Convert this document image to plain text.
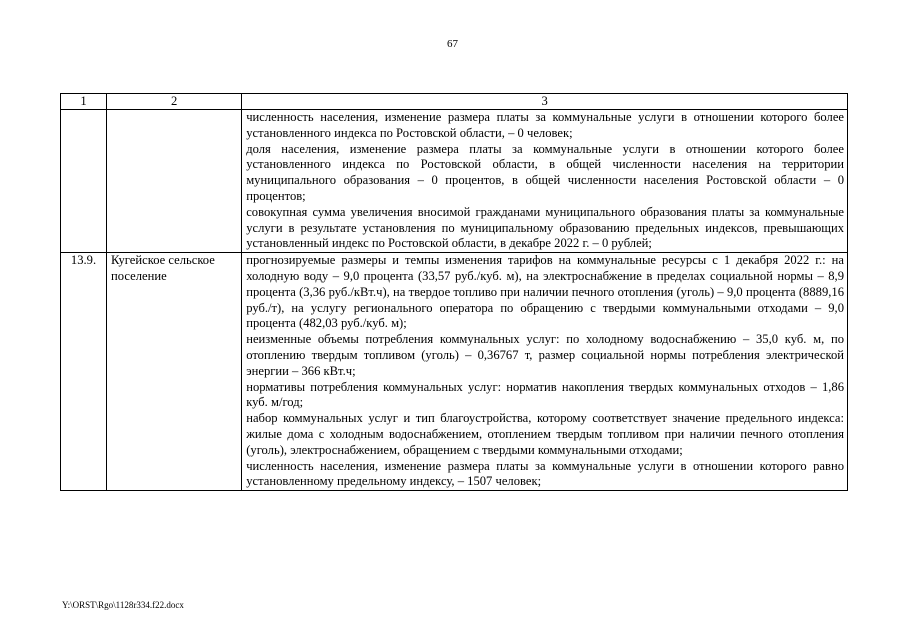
67
1	2	3

		численность населения, изменение размера платы за коммунальные услуги в отношении которого более установленного индекса по Ростовской области, – 0 человек;

доля населения, изменение размера платы за коммунальные услуги в отношении которого более установленного индекса по Ростовской области, в общей численности населения на территории муниципального образования – 0 процентов, в общей численности населения Ростовской области – 0 процентов;

совокупная сумма увеличения вносимой гражданами муниципального образования платы за коммунальные услуги в результате установления по муниципальному образованию предельных индексов, превышающих установленный индекс по Ростовской области, в декабре 2022 г. – 0 рублей;

13.9.	Кугейское сельское поселение	прогнозируемые размеры и темпы изменения тарифов на коммунальные ресурсы с 1 декабря 2022 г.: на холодную воду – 9,0 процента (33,57 руб./куб. м), на электроснабжение в пределах социальной нормы – 8,9 процента (3,36 руб./кВт.ч), на твердое топливо при наличии печного отопления (уголь) – 9,0 процента (8889,16 руб./т), на услугу регионального оператора по обращению с твердыми коммунальными отходами – 9,0 процента (482,03 руб./куб. м);

неизменные объемы потребления коммунальных услуг: по холодному водоснабжению – 35,0 куб. м, по отоплению твердым топливом (уголь) – 0,36767 т, размер социальной нормы потребления электрической энергии – 366 кВт.ч;

нормативы потребления коммунальных услуг: норматив накопления твердых коммунальных отходов – 1,86 куб. м/год;

набор коммунальных услуг и тип благоустройства, которому соответствует значение предельного индекса: жилые дома с холодным водоснабжением, отоплением твердым топливом при наличии печного отопления (уголь), электроснабжением, обращением с твердыми коммунальными отходами;

численность населения, изменение размера платы за коммунальные услуги в отношении которого равно установленному предельному индексу, – 1507 человек;

Y:\ORST\Rgo\1128r334.f22.docx
